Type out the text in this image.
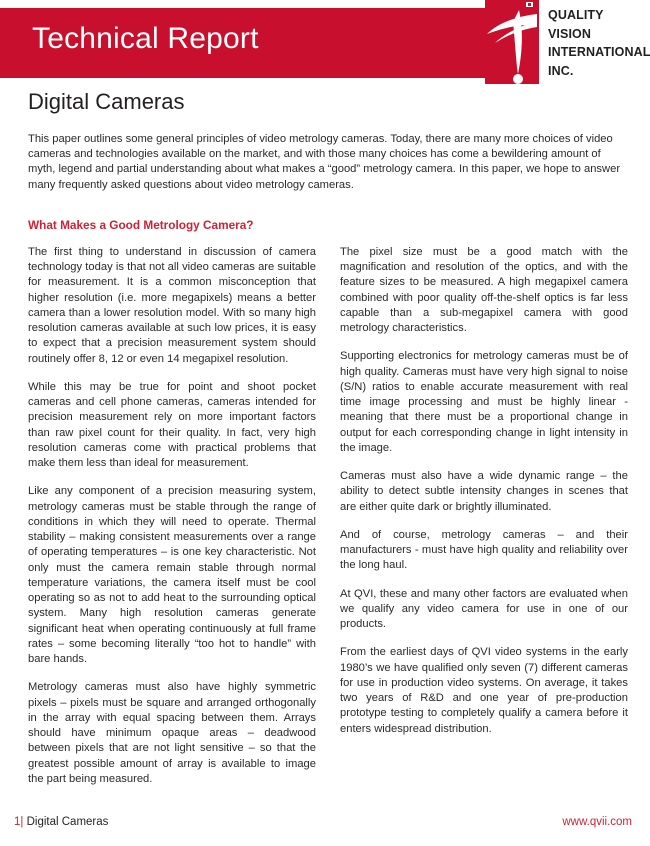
Technical Report
QUALITY
VISION
INTERNATIONAL
INC.
Digital Cameras

This paper outlines some general principles of video metrology cameras. Today, there are many more choices of video cameras and technologies available on the market, and with those many choices has come a bewildering amount of myth, legend and partial understanding about what makes a “good” metrology camera. In this paper, we hope to answer many frequently asked questions about video metrology cameras.

What Makes a Good Metrology Camera?

The first thing to understand in discussion of camera technology today is that not all video cameras are suitable for measurement. It is a common misconception that higher resolution (i.e. more megapixels) means a better camera than a lower resolution model. With so many high resolution cameras available at such low prices, it is easy to expect that a precision measurement system should routinely offer 8, 12 or even 14 megapixel resolution.

While this may be true for point and shoot pocket cameras and cell phone cameras, cameras intended for precision measurement rely on more important factors than raw pixel count for their quality. In fact, very high resolution cameras come with practical problems that make them less than ideal for measurement.

Like any component of a precision measuring system, metrology cameras must be stable through the range of conditions in which they will need to operate. Thermal stability – making consistent measurements over a range of operating temperatures – is one key characteristic. Not only must the camera remain stable through normal temperature variations, the camera itself must be cool operating so as not to add heat to the surrounding optical system. Many high resolution cameras generate significant heat when operating continuously at full frame rates – some becoming literally “too hot to handle” with bare hands.

Metrology cameras must also have highly symmetric pixels – pixels must be square and arranged orthogonally in the array with equal spacing between them. Arrays should have minimum opaque areas – deadwood between pixels that are not light sensitive – so that the greatest possible amount of array is available to image the part being measured.

The pixel size must be a good match with the magnification and resolution of the optics, and with the feature sizes to be measured. A high megapixel camera combined with poor quality off-the-shelf optics is far less capable than a sub-megapixel camera with good metrology characteristics.

Supporting electronics for metrology cameras must be of high quality. Cameras must have very high signal to noise (S/N) ratios to enable accurate measurement with real time image processing and must be highly linear - meaning that there must be a proportional change in output for each corresponding change in light intensity in the image.

Cameras must also have a wide dynamic range – the ability to detect subtle intensity changes in scenes that are either quite dark or brightly illuminated.

And of course, metrology cameras – and their manufacturers - must have high quality and reliability over the long haul.

At QVI, these and many other factors are evaluated when we qualify any video camera for use in one of our products.

From the earliest days of QVI video systems in the early 1980’s we have qualified only seven (7) different cameras for use in production video systems. On average, it takes two years of R&D and one year of pre-production prototype testing to completely qualify a camera before it enters widespread distribution.

1| Digital Cameras	www.qvii.com
